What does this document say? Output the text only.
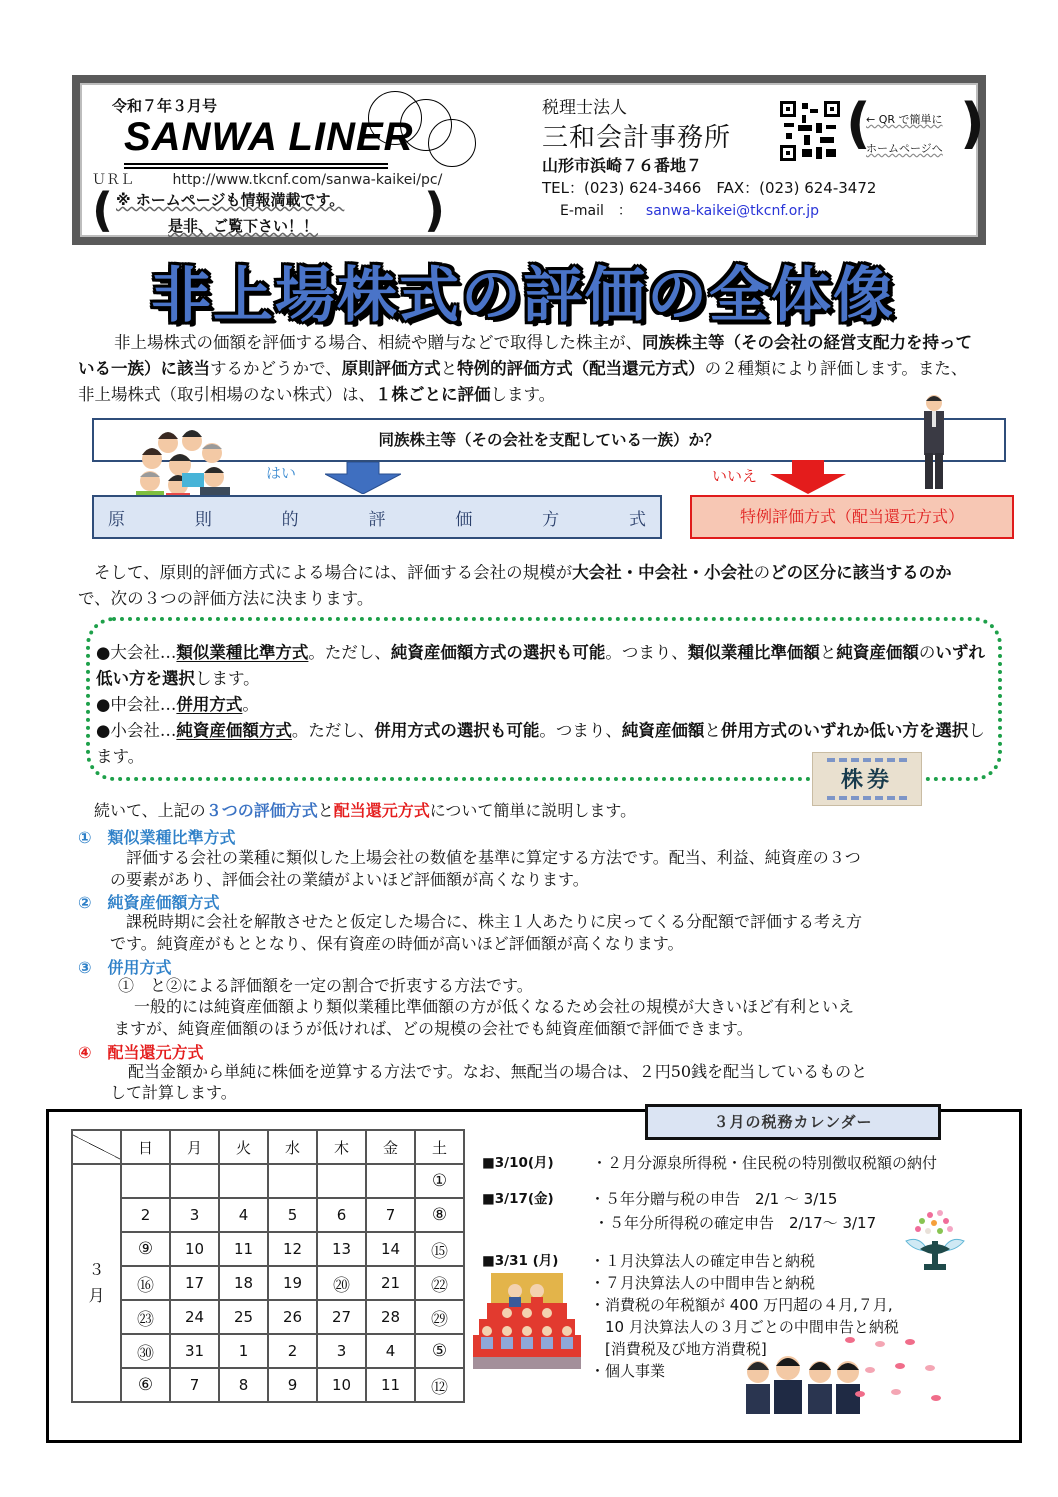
令和７年３月号
SANWA LINER
ＵＲＬ	http://www.tkcnf.com/sanwa-kaikei/pc/
( ※ ホームページも情報満載です。
是非、ご覧下さい！！ )
税理士法人
三和会計事務所
山形市浜崎７６番地７
TEL：(023) 624-3466　FAX：(023) 624-3472
E-mail　： sanwa-kaikei@tkcnf.or.jp
(
← QR で簡単に
ホームページへ )
非上場株式の評価の全体像
非上場株式の価額を評価する場合、相続や贈与などで取得した株主が、同族株主等（その会社の経営支配力を持っている一族）に該当するかどうかで、原則評価方式と特例的評価方式（配当還元方式）の２種類により評価します。また、非上場株式（取引相場のない株式）は、１株ごとに評価します。
同族株主等（その会社を支配している一族）か？
はい	いいえ
原	則	的	評	価	方	式	特例評価方式（配当還元方式）
そして、原則的評価方式による場合には、評価する会社の規模が大会社・中会社・小会社のどの区分に該当するのかで、次の３つの評価方法に決まります。
●大会社…類似業種比準方式。ただし、純資産価額方式の選択も可能。つまり、類似業種比準価額と純資産価額のいずれ低い方を選択します。
●中会社…併用方式。
●小会社…純資産価額方式。ただし、併用方式の選択も可能。つまり、純資産価額と併用方式のいずれか低い方を選択します。
株券
続いて、上記の３つの評価方式と配当還元方式について簡単に説明します。
①　類似業種比準方式
評価する会社の業種に類似した上場会社の数値を基準に算定する方法です。配当、利益、純資産の３つ
の要素があり、評価会社の業績がよいほど評価額が高くなります。
②　純資産価額方式
課税時期に会社を解散させたと仮定した場合に、株主１人あたりに戻ってくる分配額で評価する考え方
です。純資産がもととなり、保有資産の時価が高いほど評価額が高くなります。
③　併用方式
①　と②による評価額を一定の割合で折衷する方法です。
一般的には純資産価額より類似業種比準価額の方が低くなるため会社の規模が大きいほど有利といえ
ますが、純資産価額のほうが低ければ、どの規模の会社でも純資産価額で評価できます。
④　配当還元方式
配当金額から単純に株価を逆算する方法です。なお、無配当の場合は、２円50銭を配当しているものと
して計算します。
	日	月	火	水	木	金	土
３月							①
	2	3	4	5	6	7	⑧
	⑨	10	11	12	13	14	⑮
	⑯	17	18	19	⑳	21	㉒
	㉓	24	25	26	27	28	㉙
	㉚	31	1	2	3	4	⑤
	⑥	7	8	9	10	11	⑫
３月の税務カレンダー
■3/10(月)	・２月分源泉所得税・住民税の特別徴収税額の納付
■3/17(金) ・５年分贈与税の申告　2/1 ～ 3/15
・５年分所得税の確定申告　2/17～ 3/17
■3/31 (月) ・１月決算法人の確定申告と納税
・７月決算法人の中間申告と納税
・消費税の年税額が 400 万円超の４月,７月,
　10 月決算法人の３月ごとの中間申告と納税
　[消費税及び地方消費税]
・個人事業
